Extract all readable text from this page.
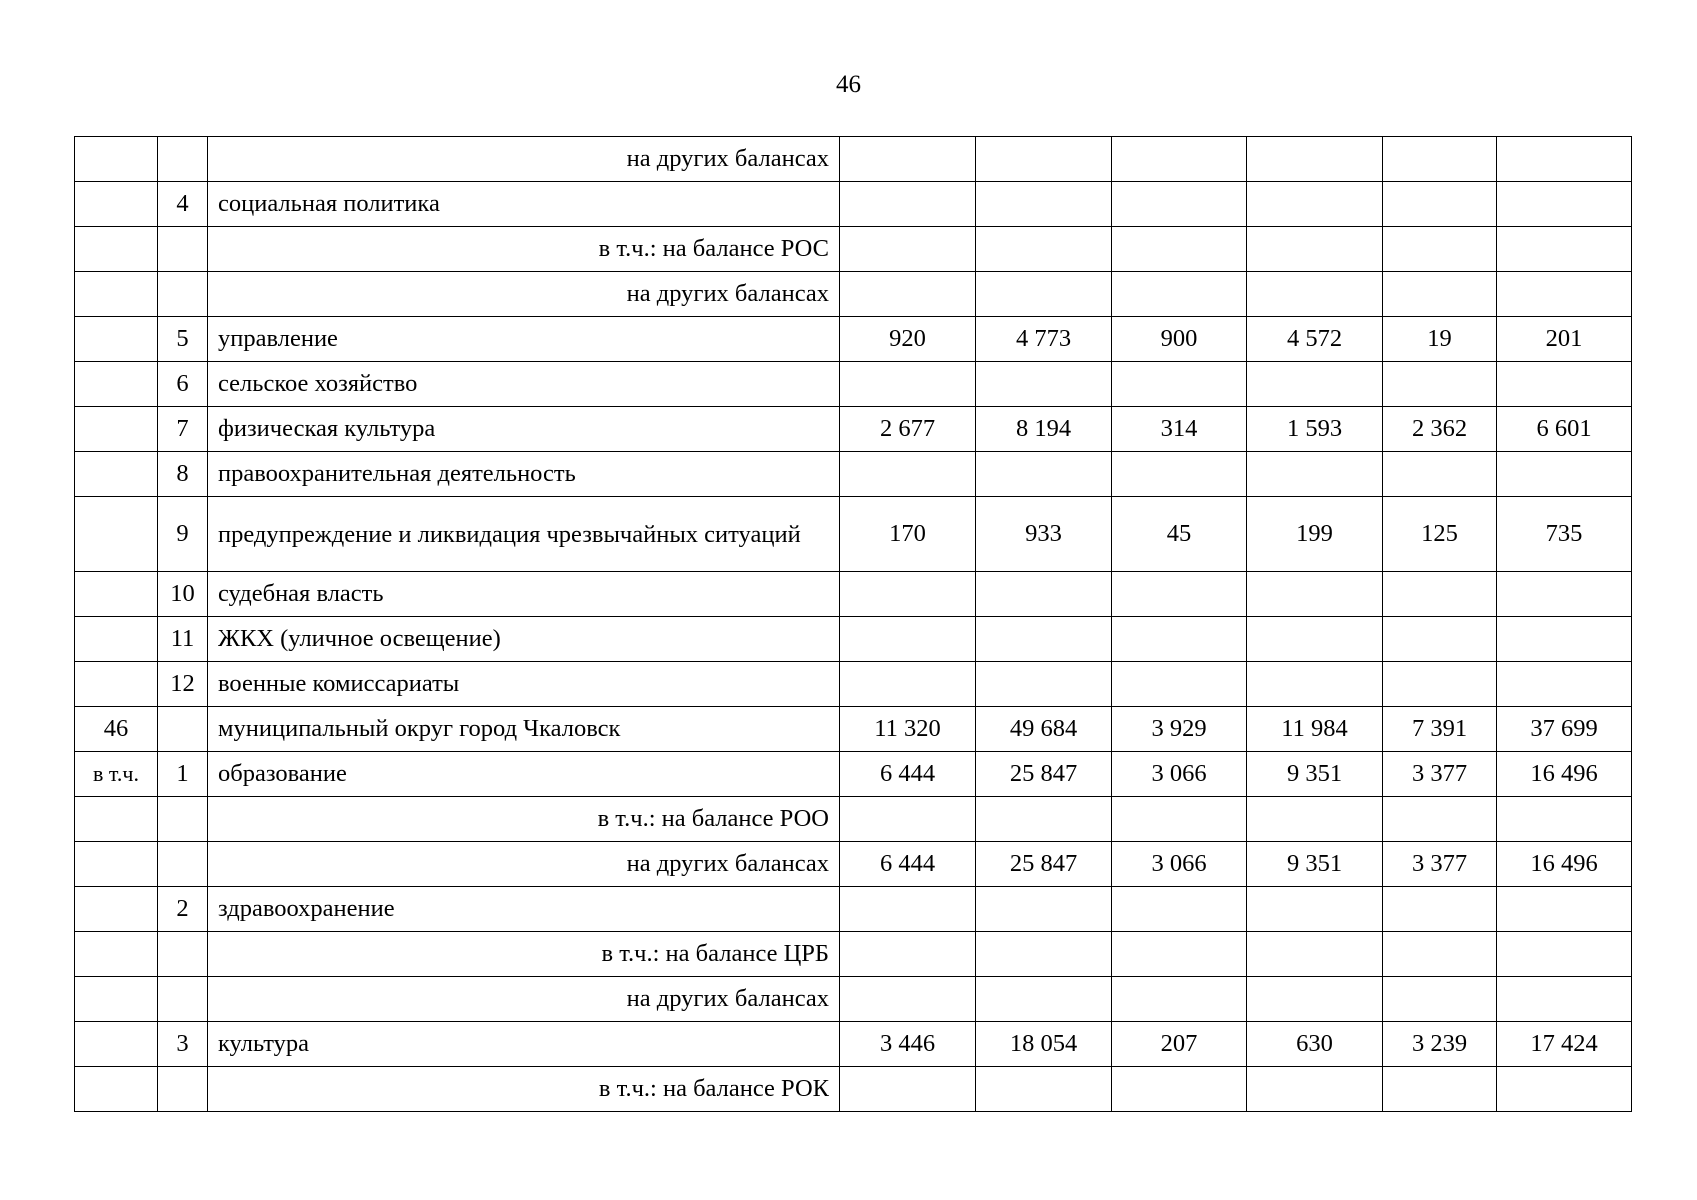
46
		на других балансах						
	4	социальная политика						
		в т.ч.: на балансе РОС						
		на других балансах						
	5	управление	920	4 773	900	4 572	19	201
	6	сельское хозяйство						
	7	физическая культура	2 677	8 194	314	1 593	2 362	6 601
	8	правоохранительная деятельность						
	9	предупреждение и ликвидация чрезвычайных ситуаций	170	933	45	199	125	735
	10	судебная власть						
	11	ЖКХ (уличное освещение)						
	12	военные комиссариаты						
46		муниципальный округ город Чкаловск	11 320	49 684	3 929	11 984	7 391	37 699
в т.ч.	1	образование	6 444	25 847	3 066	9 351	3 377	16 496
		в т.ч.: на балансе РОО						
		на других балансах	6 444	25 847	3 066	9 351	3 377	16 496
	2	здравоохранение						
		в т.ч.: на балансе ЦРБ						
		на других балансах						
	3	культура	3 446	18 054	207	630	3 239	17 424
		в т.ч.: на балансе РОК						
